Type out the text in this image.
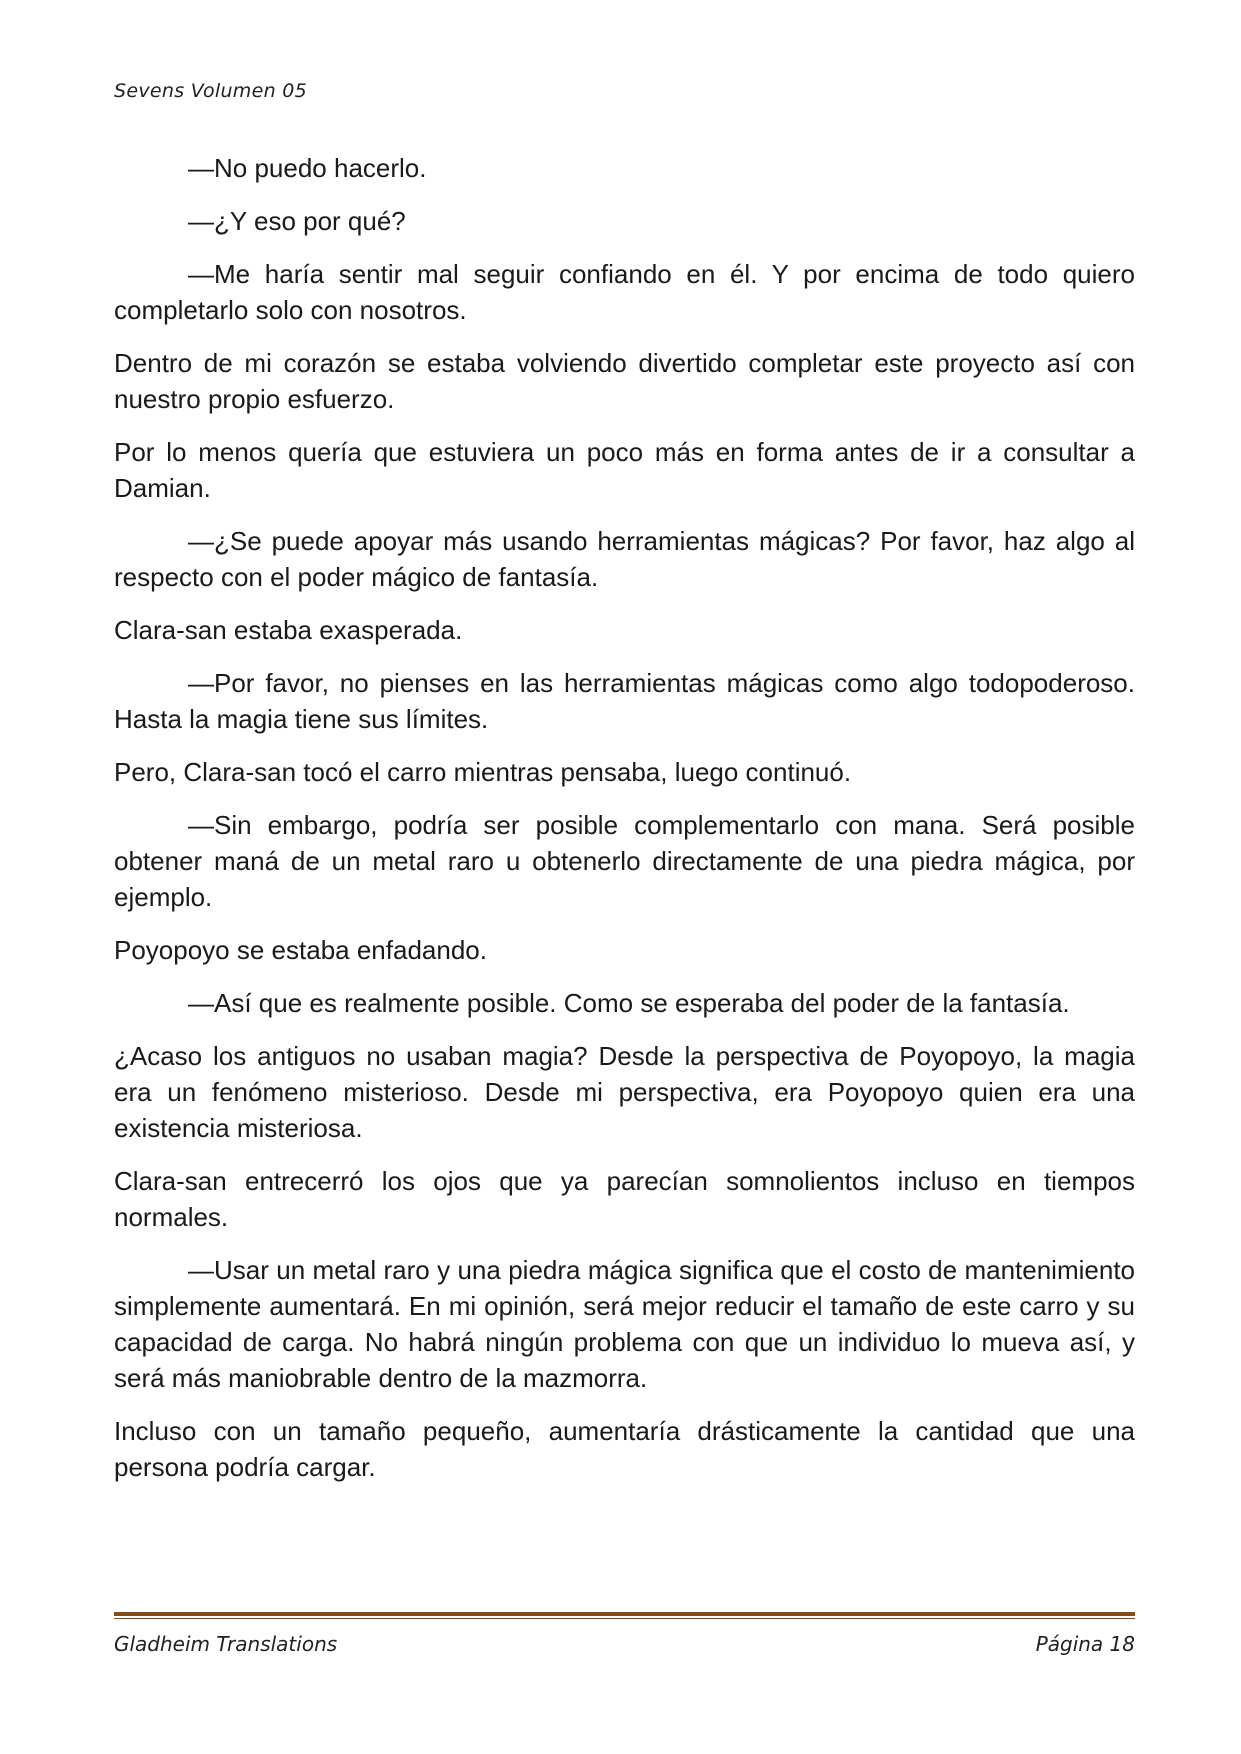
Sevens Volumen 05

—No puedo hacerlo.

—¿Y eso por qué?

—Me haría sentir mal seguir confiando en él. Y por encima de todo quiero completarlo solo con nosotros.

Dentro de mi corazón se estaba volviendo divertido completar este proyecto así con nuestro propio esfuerzo.

Por lo menos quería que estuviera un poco más en forma antes de ir a consultar a Damian.

—¿Se puede apoyar más usando herramientas mágicas? Por favor, haz algo al respecto con el poder mágico de fantasía.

Clara-san estaba exasperada.

—Por favor, no pienses en las herramientas mágicas como algo todopoderoso. Hasta la magia tiene sus límites.

Pero, Clara-san tocó el carro mientras pensaba, luego continuó.

—Sin embargo, podría ser posible complementarlo con mana. Será posible obtener maná de un metal raro u obtenerlo directamente de una piedra mágica, por ejemplo.

Poyopoyo se estaba enfadando.

—Así que es realmente posible. Como se esperaba del poder de la fantasía.

¿Acaso los antiguos no usaban magia? Desde la perspectiva de Poyopoyo, la magia era un fenómeno misterioso. Desde mi perspectiva, era Poyopoyo quien era una existencia misteriosa.

Clara-san entrecerró los ojos que ya parecían somnolientos incluso en tiempos normales.

—Usar un metal raro y una piedra mágica significa que el costo de mantenimiento simplemente aumentará. En mi opinión, será mejor reducir el tamaño de este carro y su capacidad de carga. No habrá ningún problema con que un individuo lo mueva así, y será más maniobrable dentro de la mazmorra.

Incluso con un tamaño pequeño, aumentaría drásticamente la cantidad que una persona podría cargar.

Gladheim Translations	Página 18
